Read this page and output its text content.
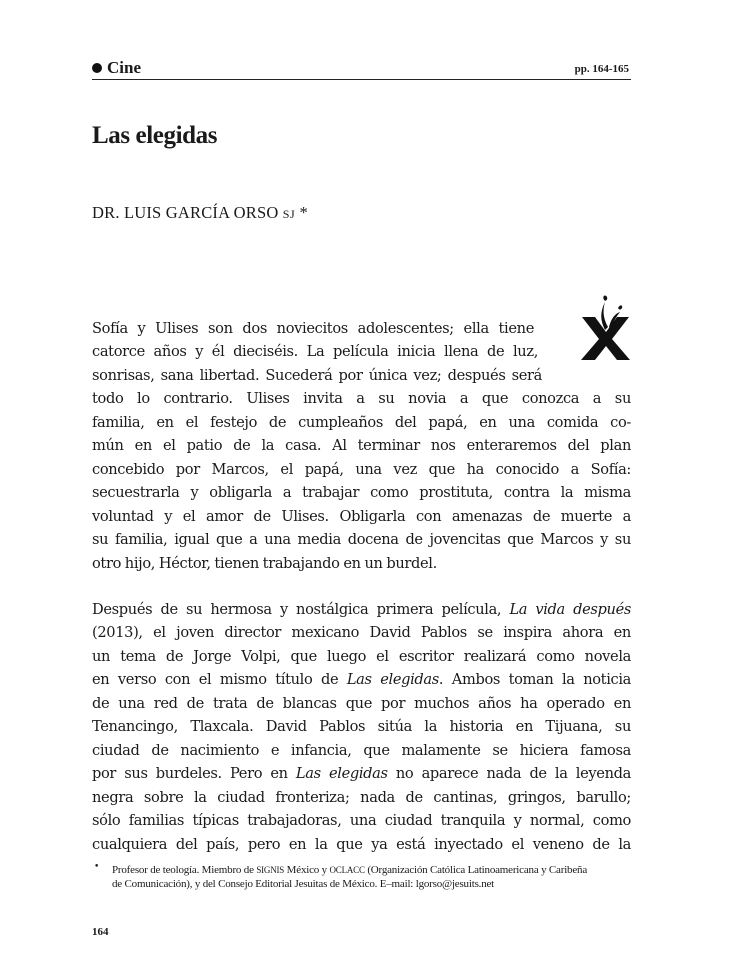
Cine	pp. 164-165
Las elegidas
DR. LUIS GARCÍA ORSO SJ *
Sofía y Ulises son dos noviecitos adolescentes; ella tiene
catorce años y él dieciséis. La película inicia llena de luz,
sonrisas, sana libertad. Sucederá por única vez; después será
todo lo contrario. Ulises invita a su novia a que conozca a su
familia, en el festejo de cumpleaños del papá, en una comida co-
mún en el patio de la casa. Al terminar nos enteraremos del plan
concebido por Marcos, el papá, una vez que ha conocido a Sofía:
secuestrarla y obligarla a trabajar como prostituta, contra la misma
voluntad y el amor de Ulises. Obligarla con amenazas de muerte a
su familia, igual que a una media docena de jovencitas que Marcos y su
otro hijo, Héctor, tienen trabajando en un burdel.
Después de su hermosa y nostálgica primera película, La vida después
(2013), el joven director mexicano David Pablos se inspira ahora en
un tema de Jorge Volpi, que luego el escritor realizará como novela
en verso con el mismo título de Las elegidas. Ambos toman la noticia
de una red de trata de blancas que por muchos años ha operado en
Tenancingo, Tlaxcala. David Pablos sitúa la historia en Tijuana, su
ciudad de nacimiento e infancia, que malamente se hiciera famosa
por sus burdeles. Pero en Las elegidas no aparece nada de la leyenda
negra sobre la ciudad fronteriza; nada de cantinas, gringos, barullo;
sólo familias típicas trabajadoras, una ciudad tranquila y normal, como
cualquiera del país, pero en la que ya está inyectado el veneno de la
• Profesor de teología. Miembro de SIGNIS México y OCLACC (Organización Católica Latinoamericana y Caribeña
de Comunicación), y del Consejo Editorial Jesuitas de México. E–mail: lgorso@jesuits.net
164
